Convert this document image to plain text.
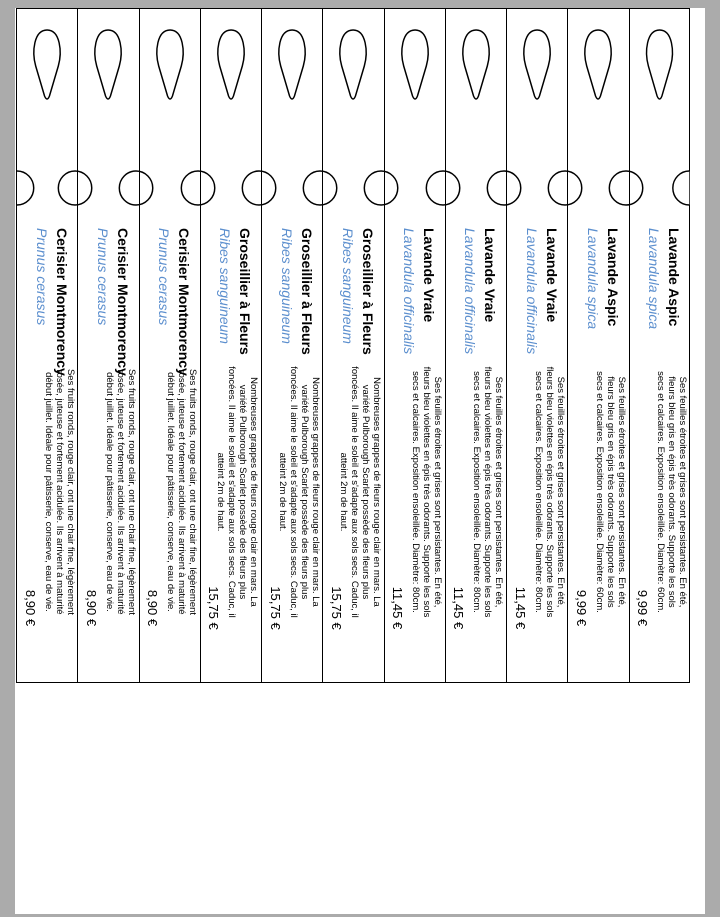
Cerisier Montmorency
Prunus cerasus
Ses fruits ronds, rouge clair, ont une chair fine, légèrement rosée, juteuse et fortement acidulée. Ils arrivent à maturité début juillet. Idéale pour pâtisserie, conserve, eau de vie.
8,90 €
Cerisier Montmorency
Prunus cerasus
Ses fruits ronds, rouge clair, ont une chair fine, légèrement rosée, juteuse et fortement acidulée. Ils arrivent à maturité début juillet. Idéale pour pâtisserie, conserve, eau de vie.
8,90 €
Cerisier Montmorency
Prunus cerasus
Ses fruits ronds, rouge clair, ont une chair fine, légèrement rosée, juteuse et fortement acidulée. Ils arrivent à maturité début juillet. Idéale pour pâtisserie, conserve, eau de vie.
8,90 €
Groseillier à Fleurs
Ribes sanguineum
Nombreuses grappes de fleurs rouge clair en mars. La variété Pulborough Scarlet possède des fleurs plus foncées. Il aime le soleil et s'adapte aux sols secs. Caduc, il atteint 2m de haut.
15,75 €
Groseillier à Fleurs
Ribes sanguineum
Nombreuses grappes de fleurs rouge clair en mars. La variété Pulborough Scarlet possède des fleurs plus foncées. Il aime le soleil et s'adapte aux sols secs. Caduc, il atteint 2m de haut.
15,75 €
Groseillier à Fleurs
Ribes sanguineum
Nombreuses grappes de fleurs rouge clair en mars. La variété Pulborough Scarlet possède des fleurs plus foncées. Il aime le soleil et s'adapte aux sols secs. Caduc, il atteint 2m de haut.
15,75 €
Lavande Vraie
Lavandula officinalis
Ses feuilles étroites et grises sont persistantes. En été, fleurs bleu violettes en épis très odorants. Supporte les sols secs et calcaires. Exposition ensoleillée. Diamètre: 80cm.
11,45 €
Lavande Vraie
Lavandula officinalis
Ses feuilles étroites et grises sont persistantes. En été, fleurs bleu violettes en épis très odorants. Supporte les sols secs et calcaires. Exposition ensoleillée. Diamètre: 80cm.
11,45 €
Lavande Vraie
Lavandula officinalis
Ses feuilles étroites et grises sont persistantes. En été, fleurs bleu violettes en épis très odorants. Supporte les sols secs et calcaires. Exposition ensoleillée. Diamètre: 80cm.
11,45 €
Lavande Aspic
Lavandula spica
Ses feuilles étroites et grises sont persistantes. En été, fleurs bleu gris en épis très odorants. Supporte les sols secs et calcaires. Exposition ensoleillée. Diamètre: 60cm.
9,99 €
Lavande Aspic
Lavandula spica
Ses feuilles étroites et grises sont persistantes. En été, fleurs bleu gris en épis très odorants. Supporte les sols secs et calcaires. Exposition ensoleillée. Diamètre: 60cm.
9,99 €
